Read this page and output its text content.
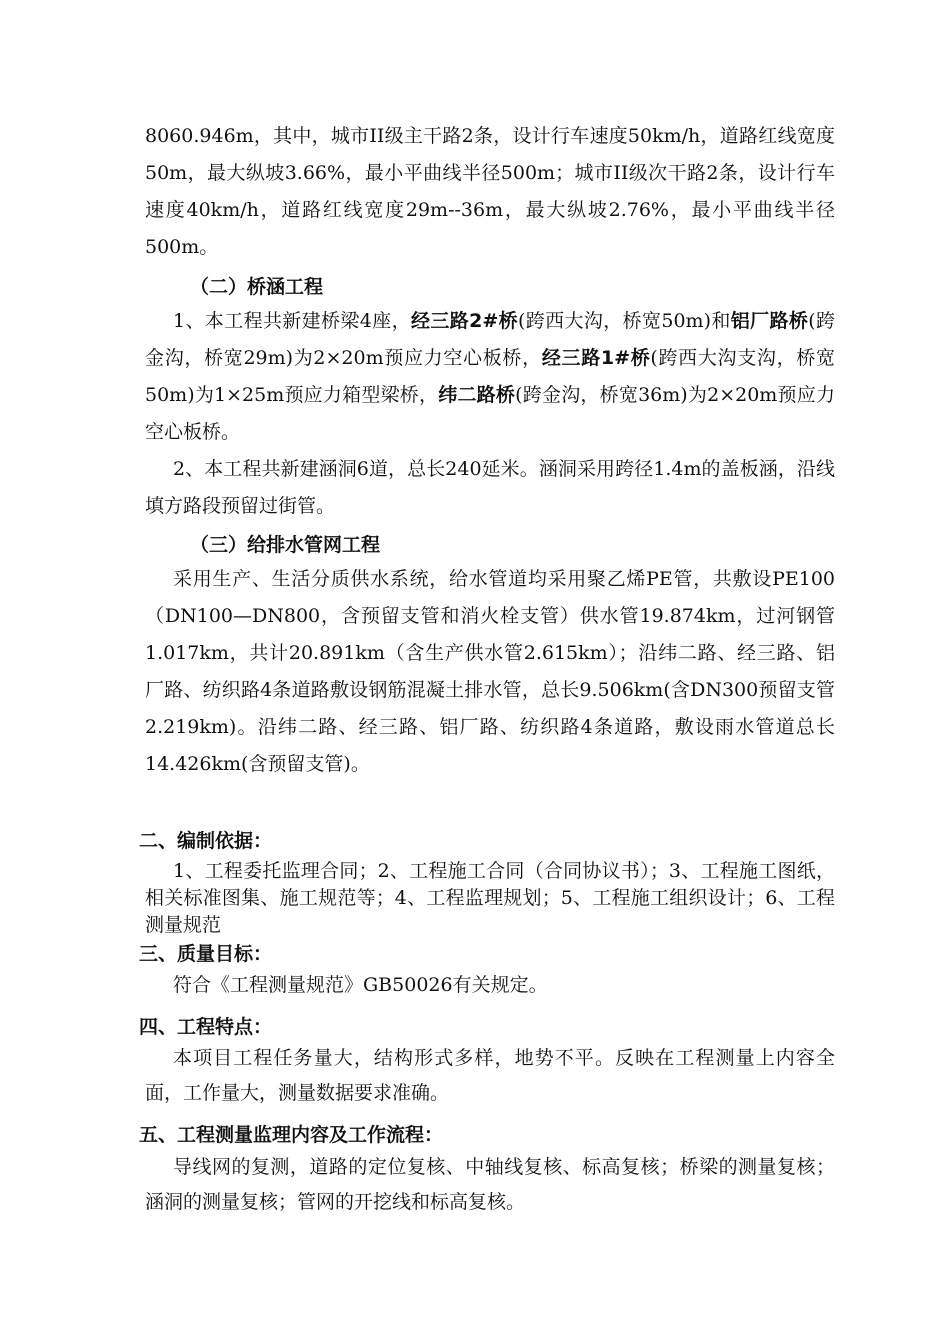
8060.946m，其中，城市II级主干路2条，设计行车速度50km/h，道路红线宽度50m，最大纵坡3.66%，最小平曲线半径500m；城市II级次干路2条，设计行车速度40km/h，道路红线宽度29m--36m，最大纵坡2.76%，最小平曲线半径500m。

（二）桥涵工程

1、本工程共新建桥梁4座，经三路2#桥(跨西大沟，桥宽50m)和铝厂路桥(跨金沟，桥宽29m)为2×20m预应力空心板桥，经三路1#桥(跨西大沟支沟，桥宽50m)为1×25m预应力箱型梁桥，纬二路桥(跨金沟，桥宽36m)为2×20m预应力空心板桥。

2、本工程共新建涵洞6道，总长240延米。涵洞采用跨径1.4m的盖板涵，沿线填方路段预留过街管。

（三）给排水管网工程

采用生产、生活分质供水系统，给水管道均采用聚乙烯PE管，共敷设PE100（DN100—DN800，含预留支管和消火栓支管）供水管19.874km，过河钢管1.017km，共计20.891km（含生产供水管2.615km）；沿纬二路、经三路、铝厂路、纺织路4条道路敷设钢筋混凝土排水管，总长9.506km(含DN300预留支管2.219km)。沿纬二路、经三路、铝厂路、纺织路4条道路，敷设雨水管道总长14.426km(含预留支管)。

二、编制依据：

1、工程委托监理合同；2、工程施工合同（合同协议书）；3、工程施工图纸，相关标准图集、施工规范等；4、工程监理规划；5、工程施工组织设计；6、工程测量规范

三、质量目标：

符合《工程测量规范》GB50026有关规定。

四、工程特点：

本项目工程任务量大，结构形式多样，地势不平。反映在工程测量上内容全面，工作量大，测量数据要求准确。

五、工程测量监理内容及工作流程：

导线网的复测，道路的定位复核、中轴线复核、标高复核；桥梁的测量复核；涵洞的测量复核；管网的开挖线和标高复核。
